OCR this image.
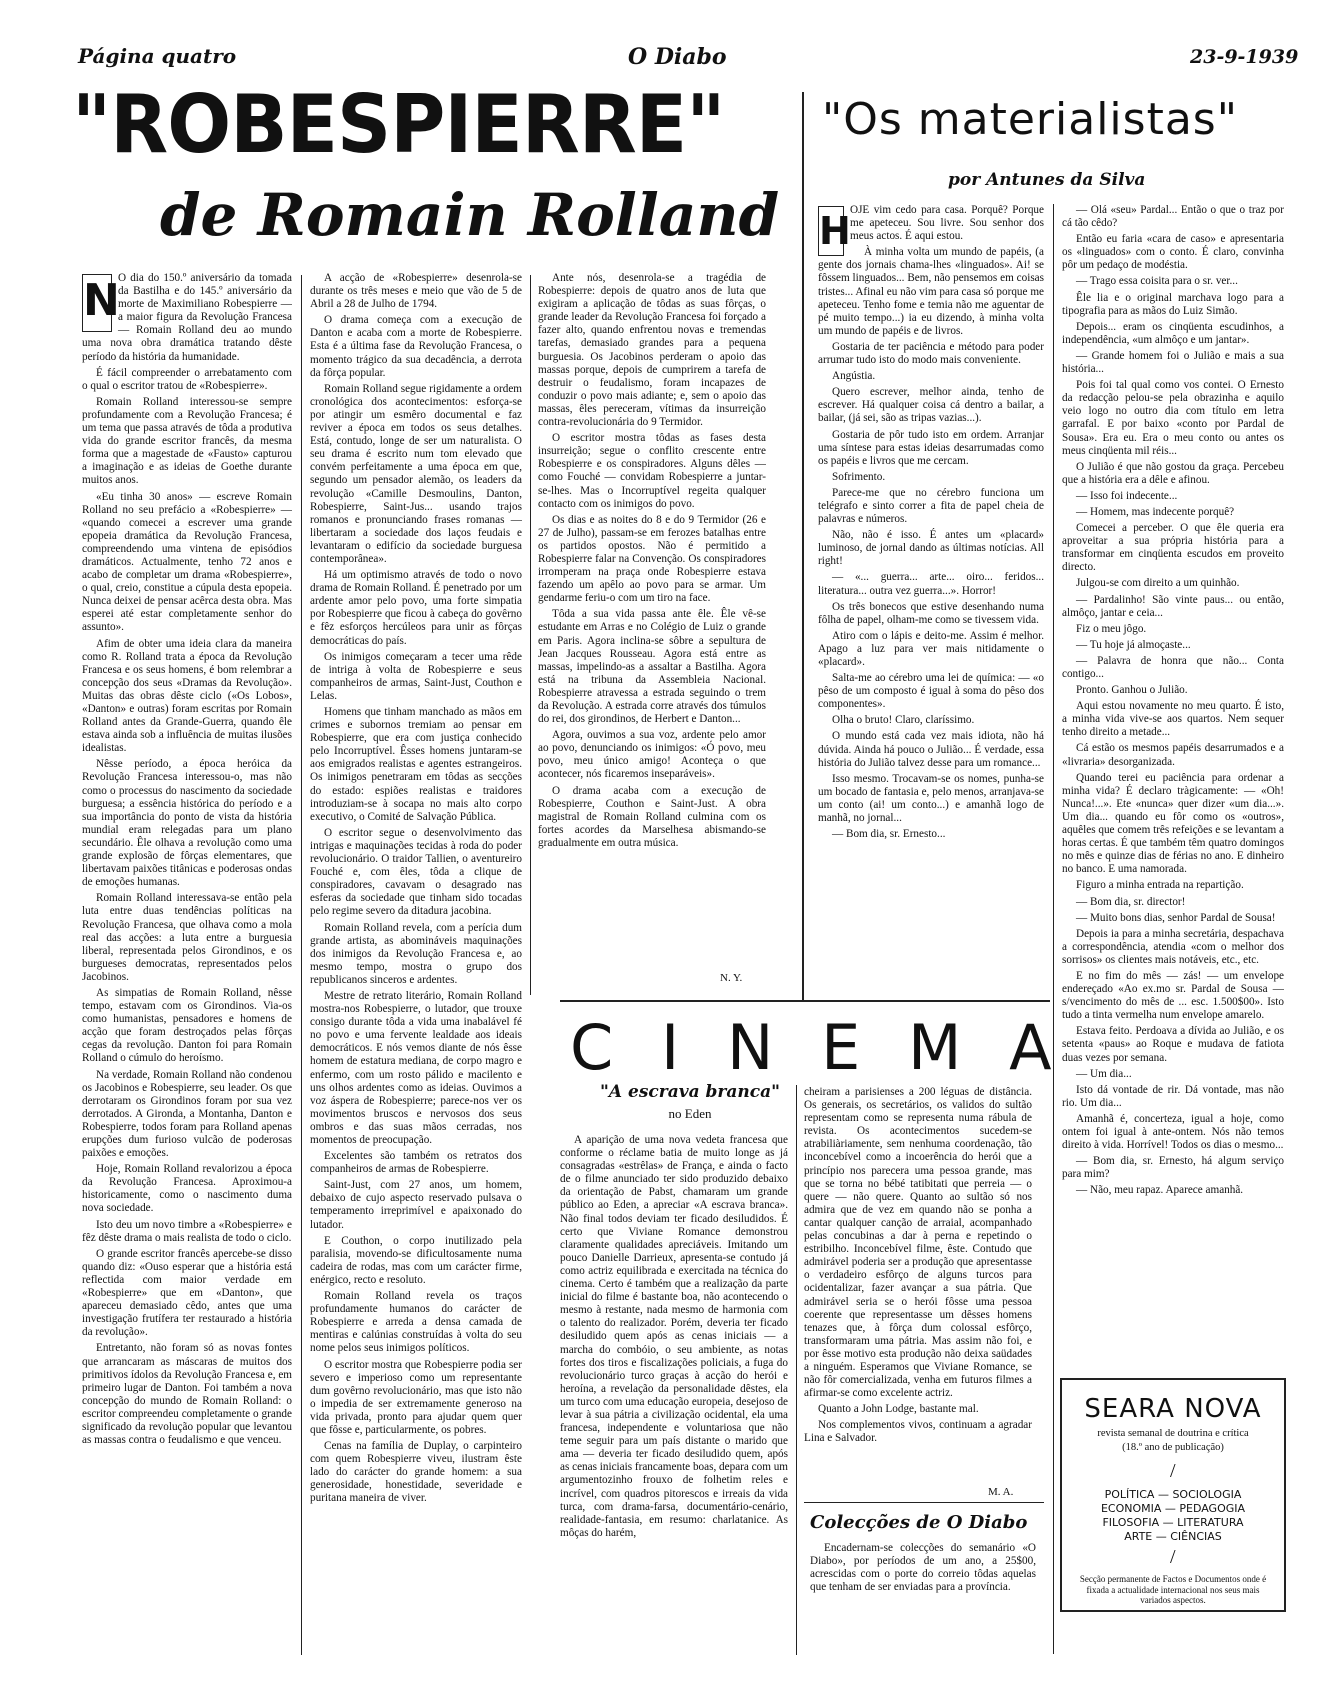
Página quatro	O Diabo	23-9-1939
"ROBESPIERRE"
de Romain Rolland
N

O dia do 150.º aniversário da tomada da Bastilha e do 145.º aniversário da morte de Maximiliano Robespierre — a maior figura da Revolução Francesa — Romain Rolland deu ao mundo uma nova obra dramática tratando dêste período da história da humanidade.

É fácil compreender o arrebatamento com o qual o escritor tratou de «Robespierre».

Romain Rolland interessou-se sempre profundamente com a Revolução Francesa; é um tema que passa através de tôda a produtiva vida do grande escritor francês, da mesma forma que a magestade de «Fausto» capturou a imaginação e as ideias de Goethe durante muitos anos.

«Eu tinha 30 anos» — escreve Romain Rolland no seu prefácio a «Robespierre» — «quando comecei a escrever uma grande epopeia dramática da Revolução Francesa, compreendendo uma vintena de episódios dramáticos. Actualmente, tenho 72 anos e acabo de completar um drama «Robespierre», o qual, creio, constitue a cúpula desta epopeia. Nunca deixei de pensar acêrca desta obra. Mas esperei até estar completamente senhor do assunto».

Afim de obter uma ideia clara da maneira como R. Rolland trata a época da Revolução Francesa e os seus homens, é bom relembrar a concepção dos seus «Dramas da Revolução». Muitas das obras dêste ciclo («Os Lobos», «Danton» e outras) foram escritas por Romain Rolland antes da Grande-Guerra, quando êle estava ainda sob a influência de muitas ilusões idealistas.

Nêsse período, a época heróica da Revolução Francesa interessou-o, mas não como o processus do nascimento da sociedade burguesa; a essência histórica do período e a sua importância do ponto de vista da história mundial eram relegadas para um plano secundário. Êle olhava a revolução como uma grande explosão de fôrças elementares, que libertavam paixões titânicas e poderosas ondas de emoções humanas.

Romain Rolland interessava-se então pela luta entre duas tendências políticas na Revolução Francesa, que olhava como a mola real das acções: a luta entre a burguesia liberal, representada pelos Girondinos, e os burgueses democratas, representados pelos Jacobinos.

As simpatias de Romain Rolland, nêsse tempo, estavam com os Girondinos. Via-os como humanistas, pensadores e homens de acção que foram destroçados pelas fôrças cegas da revolução. Danton foi para Romain Rolland o cúmulo do heroísmo.

Na verdade, Romain Rolland não condenou os Jacobinos e Robespierre, seu leader. Os que derrotaram os Girondinos foram por sua vez derrotados. A Gironda, a Montanha, Danton e Robespierre, todos foram para Rolland apenas erupções dum furioso vulcão de poderosas paixões e emoções.

Hoje, Romain Rolland revalorizou a época da Revolução Francesa. Aproximou-a historicamente, como o nascimento duma nova sociedade.

Isto deu um novo timbre a «Robespierre» e fêz dêste drama o mais realista de todo o ciclo.

O grande escritor francês apercebe-se disso quando diz: «Ouso esperar que a história está reflectida com maior verdade em «Robespierre» que em «Danton», que apareceu demasiado cêdo, antes que uma investigação frutífera ter restaurado a história da revolução».

Entretanto, não foram só as novas fontes que arrancaram as máscaras de muitos dos primitivos ídolos da Revolução Francesa e, em primeiro lugar de Danton. Foi também a nova concepção do mundo de Romain Rolland: o escritor compreendeu completamente o grande significado da revolução popular que levantou as massas contra o feudalismo e que venceu.

A acção de «Robespierre» desenrola-se durante os três meses e meio que vão de 5 de Abril a 28 de Julho de 1794.

O drama começa com a execução de Danton e acaba com a morte de Robespierre. Esta é a última fase da Revolução Francesa, o momento trágico da sua decadência, a derrota da fôrça popular.

Romain Rolland segue rigidamente a ordem cronológica dos acontecimentos: esforça-se por atingir um esmêro documental e faz reviver a época em todos os seus detalhes. Está, contudo, longe de ser um naturalista. O seu drama é escrito num tom elevado que convém perfeitamente a uma época em que, segundo um pensador alemão, os leaders da revolução «Camille Desmoulins, Danton, Robespierre, Saint-Jus... usando trajos romanos e pronunciando frases romanas — libertaram a sociedade dos laços feudais e levantaram o edifício da sociedade burguesa contemporânea».

Há um optimismo através de todo o novo drama de Romain Rolland. É penetrado por um ardente amor pelo povo, uma forte simpatia por Robespierre que ficou à cabeça do govêrno e fêz esforços hercúleos para unir as fôrças democráticas do país.

Os inimigos começaram a tecer uma rêde de intriga à volta de Robespierre e seus companheiros de armas, Saint-Just, Couthon e Lelas.

Homens que tinham manchado as mãos em crimes e subornos tremiam ao pensar em Robespierre, que era com justiça conhecido pelo Incorruptível. Êsses homens juntaram-se aos emigrados realistas e agentes estrangeiros. Os inimigos penetraram em tôdas as secções do estado: espiões realistas e traidores introduziam-se à socapa no mais alto corpo executivo, o Comité de Salvação Pública.

O escritor segue o desenvolvimento das intrigas e maquinações tecidas à roda do poder revolucionário. O traidor Tallien, o aventureiro Fouché e, com êles, tôda a clique de conspiradores, cavavam o desagrado nas esferas da sociedade que tinham sido tocadas pelo regime severo da ditadura jacobina.

Romain Rolland revela, com a perícia dum grande artista, as abomináveis maquinações dos inimigos da Revolução Francesa e, ao mesmo tempo, mostra o grupo dos republicanos sinceros e ardentes.

Mestre de retrato literário, Romain Rolland mostra-nos Robespierre, o lutador, que trouxe consigo durante tôda a vida uma inabalável fé no povo e uma fervente lealdade aos ideais democráticos. E nós vemos diante de nós êsse homem de estatura mediana, de corpo magro e enfermo, com um rosto pálido e macilento e uns olhos ardentes como as ideias. Ouvimos a voz áspera de Robespierre; parece-nos ver os movimentos bruscos e nervosos dos seus ombros e das suas mãos cerradas, nos momentos de preocupação.

Excelentes são também os retratos dos companheiros de armas de Robespierre.

Saint-Just, com 27 anos, um homem, debaixo de cujo aspecto reservado pulsava o temperamento irreprimível e apaixonado do lutador.

E Couthon, o corpo inutilizado pela paralisia, movendo-se dificultosamente numa cadeira de rodas, mas com um carácter firme, enérgico, recto e resoluto.

Romain Rolland revela os traços profundamente humanos do carácter de Robespierre e arreda a densa camada de mentiras e calúnias construídas à volta do seu nome pelos seus inimigos políticos.

O escritor mostra que Robespierre podia ser severo e imperioso como um representante dum govêrno revolucionário, mas que isto não o impedia de ser extremamente generoso na vida privada, pronto para ajudar quem quer que fôsse e, particularmente, os pobres.

Cenas na família de Duplay, o carpinteiro com quem Robespierre viveu, ilustram êste lado do carácter do grande homem: a sua generosidade, honestidade, severidade e puritana maneira de viver.

Ante nós, desenrola-se a tragédia de Robespierre: depois de quatro anos de luta que exigiram a aplicação de tôdas as suas fôrças, o grande leader da Revolução Francesa foi forçado a fazer alto, quando enfrentou novas e tremendas tarefas, demasiado grandes para a pequena burguesia. Os Jacobinos perderam o apoio das massas porque, depois de cumprirem a tarefa de destruir o feudalismo, foram incapazes de conduzir o povo mais adiante; e, sem o apoio das massas, êles pereceram, vítimas da insurreição contra-revolucionária do 9 Termidor.

O escritor mostra tôdas as fases desta insurreição; segue o conflito crescente entre Robespierre e os conspiradores. Alguns dêles — como Fouché — convidam Robespierre a juntar-se-lhes. Mas o Incorruptível regeita qualquer contacto com os inimigos do povo.

Os dias e as noites do 8 e do 9 Termidor (26 e 27 de Julho), passam-se em ferozes batalhas entre os partidos opostos. Não é permitido a Robespierre falar na Convenção. Os conspiradores irromperam na praça onde Robespierre estava fazendo um apêlo ao povo para se armar. Um gendarme feriu-o com um tiro na face.

Tôda a sua vida passa ante êle. Êle vê-se estudante em Arras e no Colégio de Luiz o grande em Paris. Agora inclina-se sôbre a sepultura de Jean Jacques Rousseau. Agora está entre as massas, impelindo-as a assaltar a Bastilha. Agora está na tribuna da Assembleia Nacional. Robespierre atravessa a estrada seguindo o trem da Revolução. A estrada corre através dos túmulos do rei, dos girondinos, de Herbert e Danton...

Agora, ouvimos a sua voz, ardente pelo amor ao povo, denunciando os inimigos: «Ó povo, meu povo, meu único amigo! Aconteça o que acontecer, nós ficaremos inseparáveis».

O drama acaba com a execução de Robespierre, Couthon e Saint-Just. A obra magistral de Romain Rolland culmina com os fortes acordes da Marselhesa abismando-se gradualmente em outra música.

N. Y.
"Os materialistas"
por Antunes da Silva
H OJE vim cedo para casa. Porquê? Porque me apeteceu. Sou livre. Sou senhor dos meus actos. É aqui estou.

À minha volta um mundo de papéis, (a gente dos jornais chama-lhes «linguados». Ai! se fôssem linguados... Bem, não pensemos em coisas tristes... Afinal eu não vim para casa só porque me apeteceu. Tenho fome e temia não me aguentar de pé muito tempo...) ia eu dizendo, à minha volta um mundo de papéis e de livros.

Gostaria de ter paciência e método para poder arrumar tudo isto do modo mais conveniente.

Angústia.

Quero escrever, melhor ainda, tenho de escrever. Há qualquer coisa cá dentro a bailar, a bailar, (já sei, são as tripas vazias...).

Gostaria de pôr tudo isto em ordem. Arranjar uma síntese para estas ideias desarrumadas como os papéis e livros que me cercam.

Sofrimento.

Parece-me que no cérebro funciona um telégrafo e sinto correr a fita de papel cheia de palavras e números.

Não, não é isso. É antes um «placard» luminoso, de jornal dando as últimas notícias. All right!

— «... guerra... arte... oiro... feridos... literatura... outra vez guerra...». Horror!

Os três bonecos que estive desenhando numa fôlha de papel, olham-me como se tivessem vida.

Atiro com o lápis e deito-me. Assim é melhor. Apago a luz para ver mais nitidamente o «placard».

Salta-me ao cérebro uma lei de química: — «o pêso de um composto é igual à soma do pêso dos componentes».

Olha o bruto! Claro, claríssimo.

O mundo está cada vez mais idiota, não há dúvida. Ainda há pouco o Julião... É verdade, essa história do Julião talvez desse para um romance...

Isso mesmo. Trocavam-se os nomes, punha-se um bocado de fantasia e, pelo menos, arranjava-se um conto (ai! um conto...) e amanhã logo de manhã, no jornal...

— Bom dia, sr. Ernesto...

— Olá «seu» Pardal... Então o que o traz por cá tão cêdo?

Então eu faria «cara de caso» e apresentaria os «linguados» com o conto. É claro, convinha pôr um pedaço de modéstia.

— Trago essa coisita para o sr. ver...

Êle lia e o original marchava logo para a tipografia para as mãos do Luiz Simão.

Depois... eram os cinqüenta escudinhos, a independência, «um almôço e um jantar».

— Grande homem foi o Julião e mais a sua história...

Pois foi tal qual como vos contei. O Ernesto da redacção pelou-se pela obrazinha e aquilo veio logo no outro dia com título em letra garrafal. E por baixo «conto por Pardal de Sousa». Era eu. Era o meu conto ou antes os meus cinqüenta mil réis...

O Julião é que não gostou da graça. Percebeu que a história era a dêle e afinou.

— Isso foi indecente...

— Homem, mas indecente porquê?

Comecei a perceber. O que êle queria era aproveitar a sua própria história para a transformar em cinqüenta escudos em proveito directo.

Julgou-se com direito a um quinhão.

— Pardalinho! São vinte paus... ou então, almôço, jantar e ceia...

Fiz o meu jôgo.

— Tu hoje já almoçaste...

— Palavra de honra que não... Conta contigo...

Pronto. Ganhou o Julião.

Aqui estou novamente no meu quarto. É isto, a minha vida vive-se aos quartos. Nem sequer tenho direito a metade...

Cá estão os mesmos papéis desarrumados e a «livraria» desorganizada.

Quando terei eu paciência para ordenar a minha vida? É declaro tràgicamente: — «Oh! Nunca!...». Ete «nunca» quer dizer «um dia...». Um dia... quando eu fôr como os «outros», aquêles que comem três refeições e se levantam a horas certas. É que também têm quatro domingos no mês e quinze dias de férias no ano. E dinheiro no banco. E uma namorada.

Figuro a minha entrada na repartição.

— Bom dia, sr. director!

— Muito bons dias, senhor Pardal de Sousa!

Depois ia para a minha secretária, despachava a correspondência, atendia «com o melhor dos sorrisos» os clientes mais notáveis, etc., etc.

E no fim do mês — zás! — um envelope endereçado «Ao ex.mo sr. Pardal de Sousa — s/vencimento do mês de ... esc. 1.500$00». Isto tudo a tinta vermelha num envelope amarelo.

Estava feito. Perdoava a dívida ao Julião, e os setenta «paus» ao Roque e mudava de fatiota duas vezes por semana.

— Um dia...

Isto dá vontade de rir. Dá vontade, mas não rio. Um dia...

Amanhã é, concerteza, igual a hoje, como ontem foi igual à ante-ontem. Nós não temos direito à vida. Horrível! Todos os dias o mesmo...

— Bom dia, sr. Ernesto, há algum serviço para mim?

— Não, meu rapaz. Aparece amanhã.

C I N E M A
"A escrava branca"
no Eden

A aparição de uma nova vedeta francesa que conforme o réclame batia de muito longe as já consagradas «estrêlas» de França, e ainda o facto de o filme anunciado ter sido produzido debaixo da orientação de Pabst, chamaram um grande público ao Eden, a apreciar «A escrava branca». Não final todos deviam ter ficado desiludidos. É certo que Viviane Romance demonstrou claramente qualidades apreciáveis. Imitando um pouco Danielle Darrieux, apresenta-se contudo já como actriz equilibrada e exercitada na técnica do cinema. Certo é também que a realização da parte inicial do filme é bastante boa, não acontecendo o mesmo à restante, nada mesmo de harmonia com o talento do realizador. Porém, deveria ter ficado desiludido quem após as cenas iniciais — a marcha do combóio, o seu ambiente, as notas fortes dos tiros e fiscalizações policiais, a fuga do revolucionário turco graças à acção do herói e heroína, a revelação da personalidade dêstes, ela um turco com uma educação europeia, desejoso de levar à sua pátria a civilização ocidental, ela uma francesa, independente e voluntariosa que não teme seguir para um país distante o marido que ama — deveria ter ficado desiludido quem, após as cenas iniciais francamente boas, depara com um argumentozinho frouxo de folhetim reles e incrível, com quadros pitorescos e irreais da vida turca, com drama-farsa, documentário-cenário, realidade-fantasia, em resumo: charlatanice. As môças do harém,

cheiram a parisienses a 200 léguas de distância. Os generais, os secretários, os validos do sultão representam como se representa numa rábula de revista. Os acontecimentos sucedem-se atrabiliàriamente, sem nenhuma coordenação, tão inconcebível como a incoerência do herói que a princípio nos parecera uma pessoa grande, mas que se torna no bébé tatibitati que perreia — o quere — não quere. Quanto ao sultão só nos admira que de vez em quando não se ponha a cantar qualquer canção de arraial, acompanhado pelas concubinas a dar à perna e repetindo o estribilho. Inconcebível filme, êste. Contudo que admirável poderia ser a produção que apresentasse o verdadeiro esfôrço de alguns turcos para ocidentalizar, fazer avançar a sua pátria. Que admirável seria se o herói fôsse uma pessoa coerente que representasse um dêsses homens tenazes que, à fôrça dum colossal esfôrço, transformaram uma pátria. Mas assim não foi, e por êsse motivo esta produção não deixa saüdades a ninguém. Esperamos que Viviane Romance, se não fôr comercializada, venha em futuros filmes a afirmar-se como excelente actriz.

Quanto a John Lodge, bastante mal.

Nos complementos vivos, continuam a agradar Lina e Salvador.

M. A.
Colecções de O Diabo

Encadernam-se colecções do semanário «O Diabo», por períodos de um ano, a 25$00, acrescidas com o porte do correio tôdas aquelas que tenham de ser enviadas para a província.

SEARA NOVA
revista semanal de doutrina e crítica
(18.º ano de publicação)
/
POLÍTICA — SOCIOLOGIA
ECONOMIA — PEDAGOGIA
FILOSOFIA — LITERATURA
ARTE — CIÊNCIAS
/
Secção permanente de Factos e Documentos onde é fixada a actualidade internacional nos seus mais variados aspectos.
